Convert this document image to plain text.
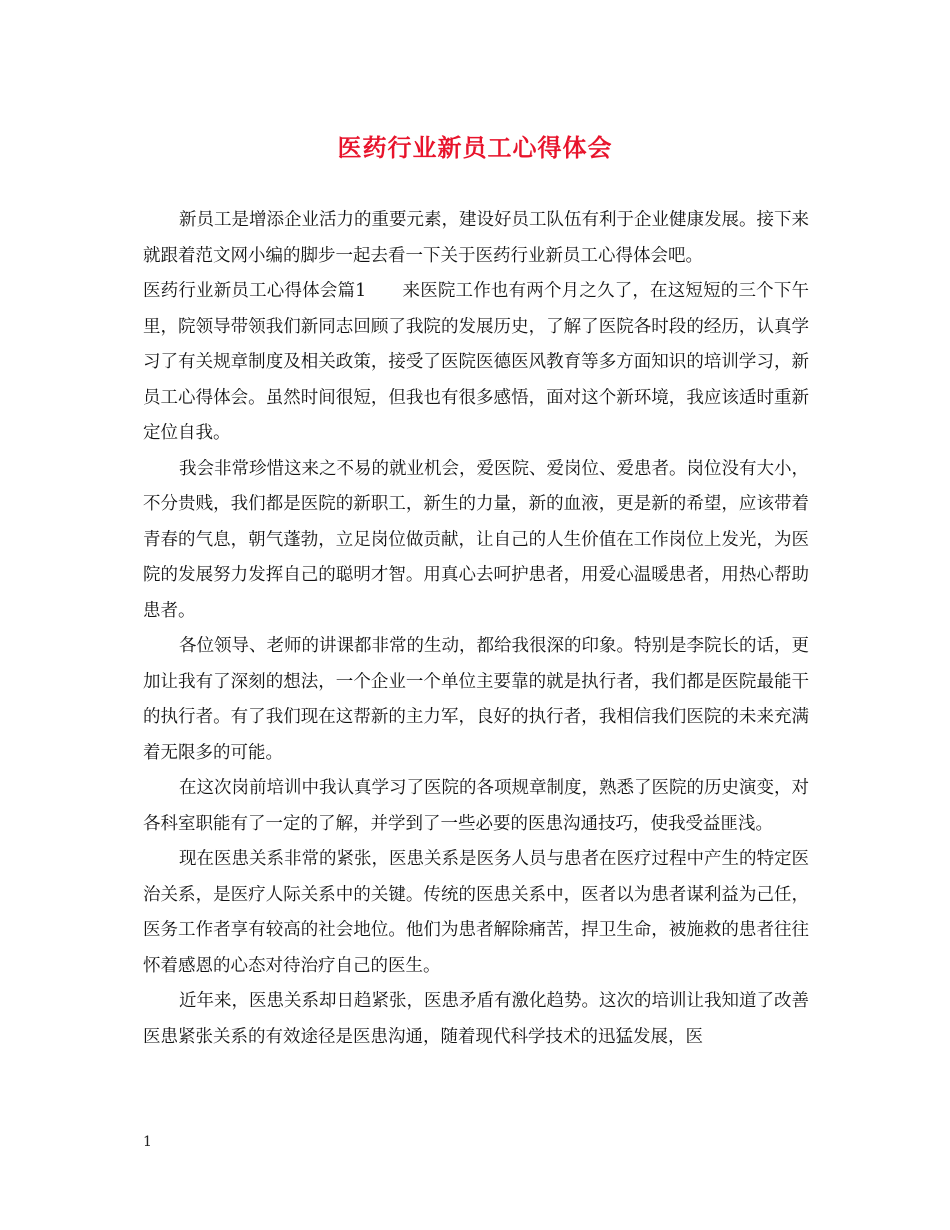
医药行业新员工心得体会

新员工是增添企业活力的重要元素，建设好员工队伍有利于企业健康发展。接下来就跟着范文网小编的脚步一起去看一下关于医药行业新员工心得体会吧。

医药行业新员工心得体会篇1 来医院工作也有两个月之久了，在这短短的三个下午里，院领导带领我们新同志回顾了我院的发展历史，了解了医院各时段的经历，认真学习了有关规章制度及相关政策，接受了医院医德医风教育等多方面知识的培训学习，新员工心得体会。虽然时间很短，但我也有很多感悟，面对这个新环境，我应该适时重新定位自我。

我会非常珍惜这来之不易的就业机会，爱医院、爱岗位、爱患者。岗位没有大小，不分贵贱，我们都是医院的新职工，新生的力量，新的血液，更是新的希望，应该带着青春的气息，朝气蓬勃，立足岗位做贡献，让自己的人生价值在工作岗位上发光，为医院的发展努力发挥自己的聪明才智。用真心去呵护患者，用爱心温暖患者，用热心帮助患者。

各位领导、老师的讲课都非常的生动，都给我很深的印象。特别是李院长的话，更加让我有了深刻的想法，一个企业一个单位主要靠的就是执行者，我们都是医院最能干的执行者。有了我们现在这帮新的主力军，良好的执行者，我相信我们医院的未来充满着无限多的可能。

在这次岗前培训中我认真学习了医院的各项规章制度，熟悉了医院的历史演变，对各科室职能有了一定的了解，并学到了一些必要的医患沟通技巧，使我受益匪浅。

现在医患关系非常的紧张，医患关系是医务人员与患者在医疗过程中产生的特定医治关系，是医疗人际关系中的关键。传统的医患关系中，医者以为患者谋利益为己任，医务工作者享有较高的社会地位。他们为患者解除痛苦，捍卫生命，被施救的患者往往怀着感恩的心态对待治疗自己的医生。

近年来，医患关系却日趋紧张，医患矛盾有激化趋势。这次的培训让我知道了改善医患紧张关系的有效途径是医患沟通，随着现代科学技术的迅猛发展，医

1
